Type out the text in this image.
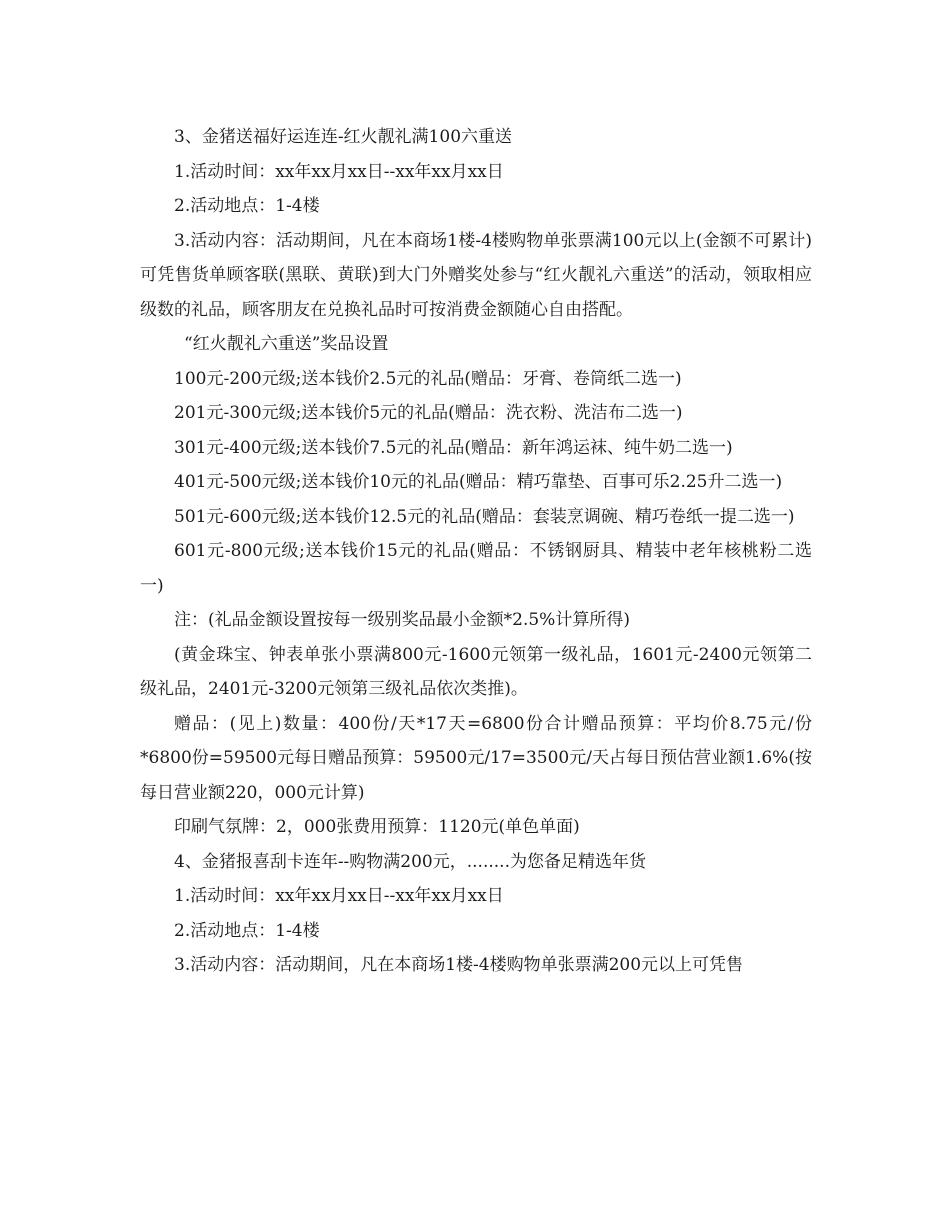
3、金猪送福好运连连-红火靓礼满100六重送

1.活动时间：xx年xx月xx日--xx年xx月xx日

2.活动地点：1-4楼

3.活动内容：活动期间，凡在本商场1楼-4楼购物单张票满100元以上(金额不可累计)可凭售货单顾客联(黑联、黄联)到大门外赠奖处参与“红火靓礼六重送”的活动，领取相应级数的礼品，顾客朋友在兑换礼品时可按消费金额随心自由搭配。

“红火靓礼六重送”奖品设置

100元-200元级;送本钱价2.5元的礼品(赠品：牙膏、卷筒纸二选一)

201元-300元级;送本钱价5元的礼品(赠品：洗衣粉、洗洁布二选一)

301元-400元级;送本钱价7.5元的礼品(赠品：新年鸿运袜、纯牛奶二选一)

401元-500元级;送本钱价10元的礼品(赠品：精巧靠垫、百事可乐2.25升二选一)

501元-600元级;送本钱价12.5元的礼品(赠品：套装烹调碗、精巧卷纸一提二选一)

601元-800元级;送本钱价15元的礼品(赠品：不锈钢厨具、精装中老年核桃粉二选一)

注：(礼品金额设置按每一级别奖品最小金额*2.5%计算所得)

(黄金珠宝、钟表单张小票满800元-1600元领第一级礼品，1601元-2400元领第二级礼品，2401元-3200元领第三级礼品依次类推)。

赠品：(见上)数量：400份/天*17天=6800份合计赠品预算：平均价8.75元/份*6800份=59500元每日赠品预算：59500元/17=3500元/天占每日预估营业额1.6%(按每日营业额220，000元计算)

印刷气氛牌：2，000张费用预算：1120元(单色单面)

4、金猪报喜刮卡连年--购物满200元，........为您备足精选年货

1.活动时间：xx年xx月xx日--xx年xx月xx日

2.活动地点：1-4楼

3.活动内容：活动期间，凡在本商场1楼-4楼购物单张票满200元以上可凭售
